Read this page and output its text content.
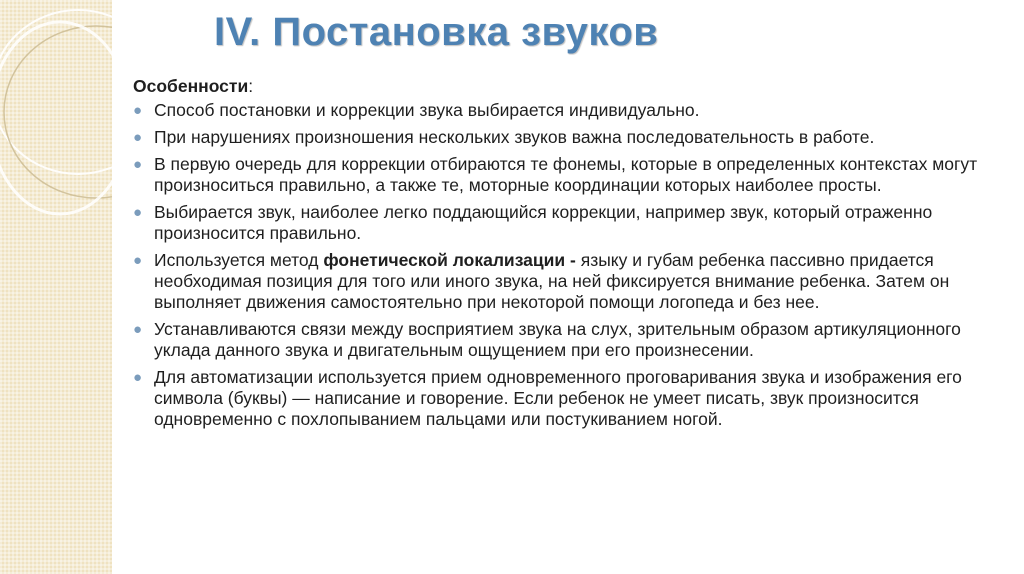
IV. Постановка звуков
Особенности:
● Способ постановки и коррекции звука выбирается индивидуально.
● При нарушениях произношения нескольких звуков важна последовательность в работе.
● В первую очередь для коррекции отбираются те фонемы, которые в определенных контекстах могут произноситься правильно, а также те, моторные координации которых наиболее просты.
● Выбирается звук, наиболее легко поддающийся коррекции, например звук, который отраженно произносится правильно.
● Используется метод фонетической локализации - языку и губам ребенка пассивно придается необходимая позиция для того или иного звука, на ней фиксируется внимание ребенка. Затем он выполняет движения самостоятельно при некоторой помощи логопеда и без нее.
● Устанавливаются связи между восприятием звука на слух, зрительным образом артикуляционного уклада данного звука и двигательным ощущением при его произнесении.
● Для автоматизации используется прием одновременного проговаривания звука и изображения его символа (буквы) — написание и говорение. Если ребенок не умеет писать, звук произносится одновременно с похлопыванием пальцами или постукиванием ногой.
